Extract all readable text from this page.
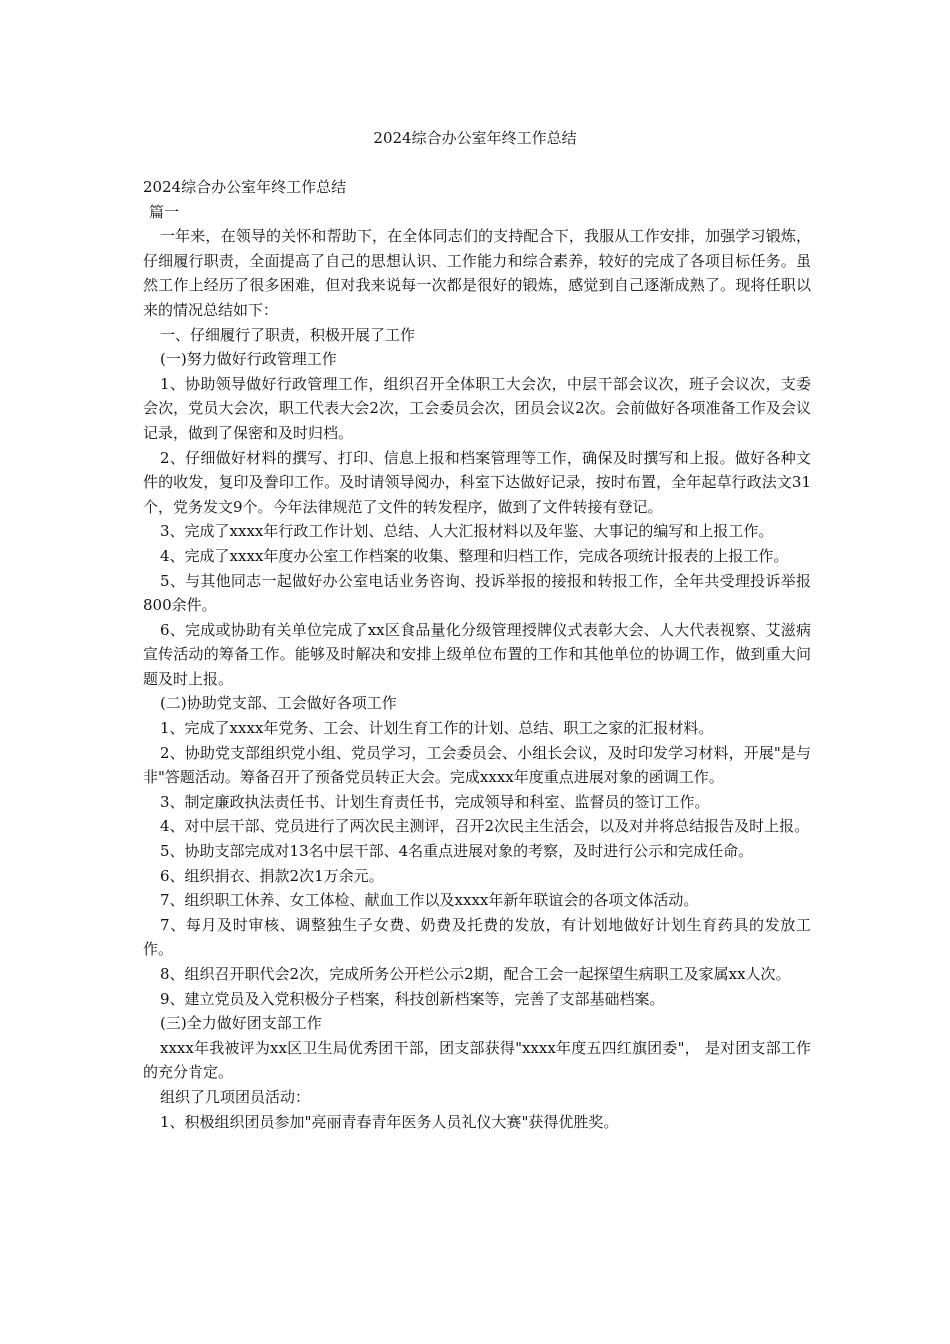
2024综合办公室年终工作总结

2024综合办公室年终工作总结

篇一

一年来，在领导的关怀和帮助下，在全体同志们的支持配合下，我服从工作安排，加强学习锻炼，仔细履行职责，全面提高了自己的思想认识、工作能力和综合素养，较好的完成了各项目标任务。虽然工作上经历了很多困难，但对我来说每一次都是很好的锻炼，感觉到自己逐渐成熟了。现将任职以来的情况总结如下：

一、仔细履行了职责，积极开展了工作

(一)努力做好行政管理工作

1、协助领导做好行政管理工作，组织召开全体职工大会次，中层干部会议次，班子会议次，支委会次，党员大会次，职工代表大会2次，工会委员会次，团员会议2次。会前做好各项准备工作及会议记录，做到了保密和及时归档。

2、仔细做好材料的撰写、打印、信息上报和档案管理等工作，确保及时撰写和上报。做好各种文件的收发，复印及誊印工作。及时请领导阅办，科室下达做好记录，按时布置，全年起草行政法文31个，党务发文9个。今年法律规范了文件的转发程序，做到了文件转接有登记。

3、完成了xxxx年行政工作计划、总结、人大汇报材料以及年鉴、大事记的编写和上报工作。

4、完成了xxxx年度办公室工作档案的收集、整理和归档工作，完成各项统计报表的上报工作。

5、与其他同志一起做好办公室电话业务咨询、投诉举报的接报和转报工作，全年共受理投诉举报800余件。

6、完成或协助有关单位完成了xx区食品量化分级管理授牌仪式表彰大会、人大代表视察、艾滋病宣传活动的筹备工作。能够及时解决和安排上级单位布置的工作和其他单位的协调工作，做到重大问题及时上报。

(二)协助党支部、工会做好各项工作

1、完成了xxxx年党务、工会、计划生育工作的计划、总结、职工之家的汇报材料。

2、协助党支部组织党小组、党员学习，工会委员会、小组长会议，及时印发学习材料，开展"是与非"答题活动。筹备召开了预备党员转正大会。完成xxxx年度重点进展对象的函调工作。

3、制定廉政执法责任书、计划生育责任书，完成领导和科室、监督员的签订工作。

4、对中层干部、党员进行了两次民主测评，召开2次民主生活会，以及对并将总结报告及时上报。

5、协助支部完成对13名中层干部、4名重点进展对象的考察，及时进行公示和完成任命。

6、组织捐衣、捐款2次1万余元。

7、组织职工休养、女工体检、献血工作以及xxxx年新年联谊会的各项文体活动。

7、每月及时审核、调整独生子女费、奶费及托费的发放，有计划地做好计划生育药具的发放工作。

8、组织召开职代会2次，完成所务公开栏公示2期，配合工会一起探望生病职工及家属xx人次。

9、建立党员及入党积极分子档案，科技创新档案等，完善了支部基础档案。

(三)全力做好团支部工作

xxxx年我被评为xx区卫生局优秀团干部，团支部获得"xxxx年度五四红旗团委"， 是对团支部工作的充分肯定。

组织了几项团员活动：

1、积极组织团员参加"亮丽青春青年医务人员礼仪大赛"获得优胜奖。
